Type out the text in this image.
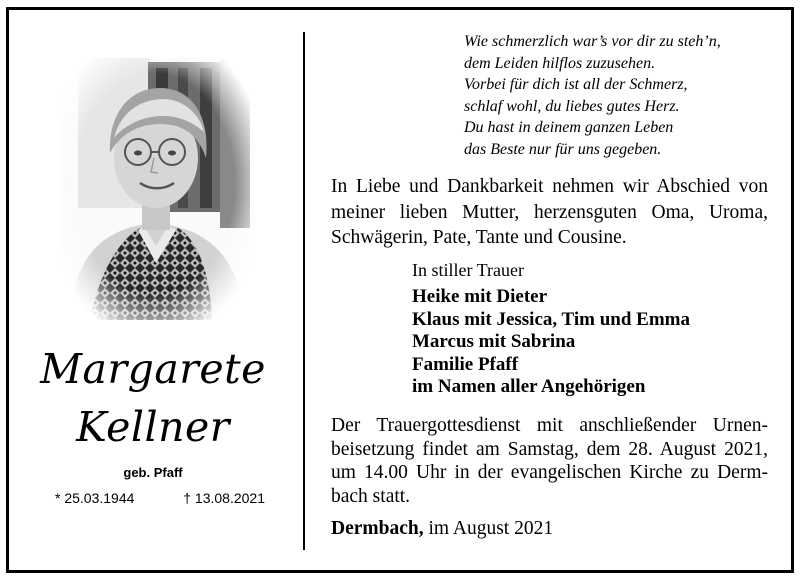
Margarete
Kellner
geb. Pfaff
* 25.03.1944	† 13.08.2021
Wie schmerzlich war’s vor dir zu steh’n,
dem Leiden hilflos zuzusehen.
Vorbei für dich ist all der Schmerz,
schlaf wohl, du liebes gutes Herz.
Du hast in deinem ganzen Leben
das Beste nur für uns gegeben.
In Liebe und Dankbarkeit nehmen wir Abschied von meiner lieben Mutter, herzensguten Oma, Uroma, Schwägerin, Pate, Tante und Cousine.
In stiller Trauer
Heike mit Dieter
Klaus mit Jessica, Tim und Emma
Marcus mit Sabrina
Familie Pfaff
im Namen aller Angehörigen
Der Trauergottesdienst mit anschließender Urnenbeisetzung findet am Samstag, dem 28. August 2021, um 14.00 Uhr in der evangelischen Kirche zu Dermbach statt.
Dermbach, im August 2021
